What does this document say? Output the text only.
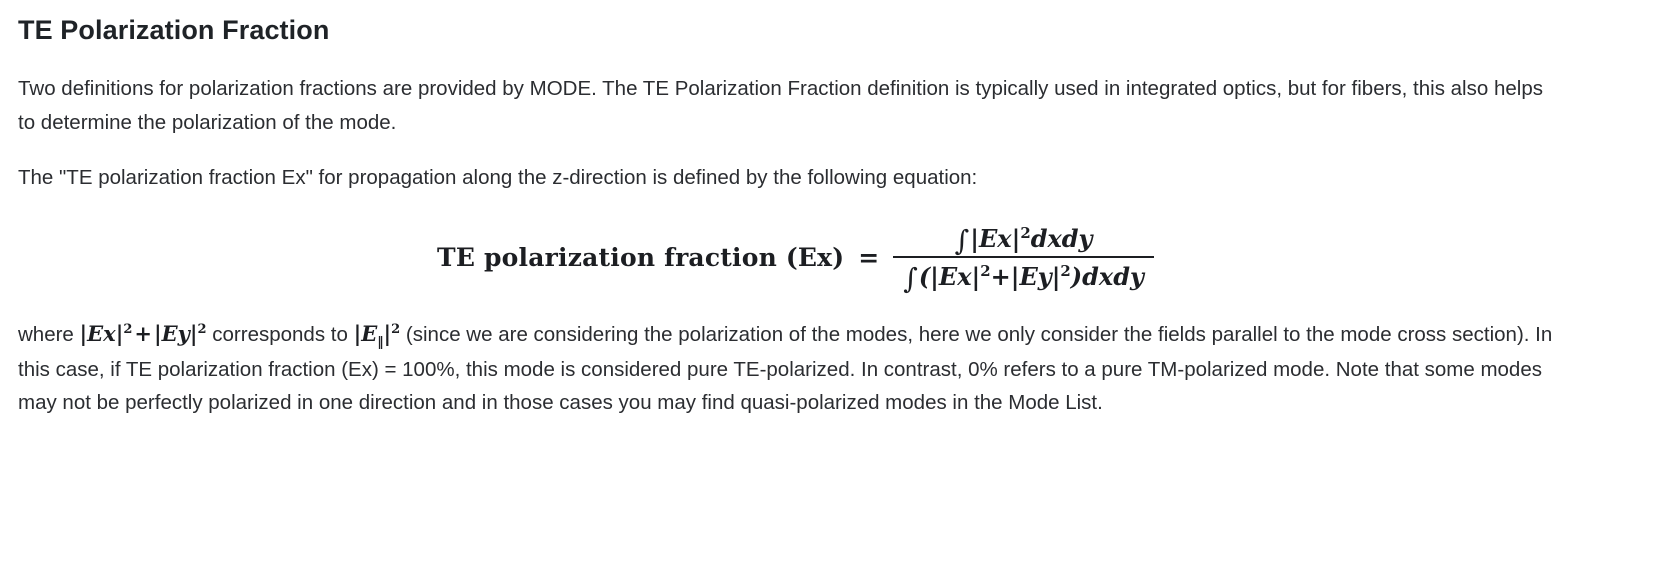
TE Polarization Fraction

Two definitions for polarization fractions are provided by MODE. The TE Polarization Fraction definition is typically used in integrated optics, but for fibers, this also helps to determine the polarization of the mode.

The "TE polarization fraction Ex" for propagation along the z-direction is defined by the following equation:

TE polarization fraction $(Ex) = \frac{\int|Ex|^2dxdy}{\int(|Ex|^2+|Ey|^2)dxdy}$

where $|Ex|^2+|Ey|^2$ corresponds to $|E_‖|^2$ (since we are considering the polarization of the modes, here we only consider the fields parallel to the mode cross section). In this case, if TE polarization fraction (Ex) = 100%, this mode is considered pure TE-polarized. In contrast, 0% refers to a pure TM-polarized mode. Note that some modes may not be perfectly polarized in one direction and in those cases you may find quasi-polarized modes in the Mode List.
